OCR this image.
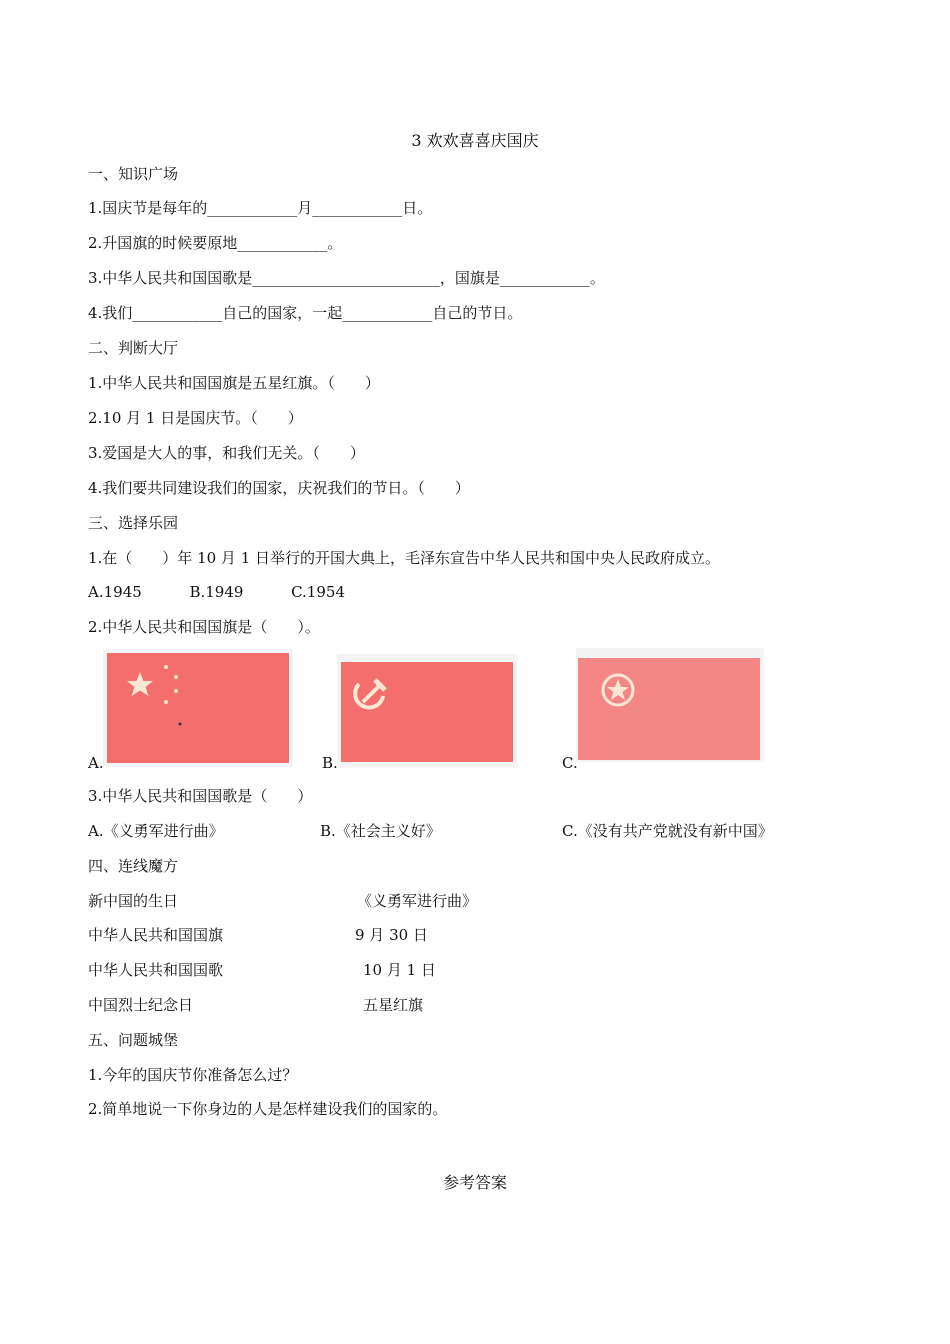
3 欢欢喜喜庆国庆
一、知识广场
1.国庆节是每年的____________月____________日。
2.升国旗的时候要原地____________。
3.中华人民共和国国歌是_________________________，国旗是____________。
4.我们____________自己的国家，一起____________自己的节日。
二、判断大厅
1.中华人民共和国国旗是五星红旗。（　　）
2.10 月 1 日是国庆节。（　　）
3.爱国是大人的事，和我们无关。（　　）
4.我们要共同建设我们的国家，庆祝我们的节日。（　　）
三、选择乐园
1.在（　　）年 10 月 1 日举行的开国大典上，毛泽东宣告中华人民共和国中央人民政府成立。
A.1945          B.1949          C.1954
2.中华人民共和国国旗是（　　）。
A.	B.	C.
3.中华人民共和国国歌是（　　）
A.《义勇军进行曲》	B.《社会主义好》	C.《没有共产党就没有新中国》
四、连线魔方
新中国的生日	《义勇军进行曲》
中华人民共和国国旗	9 月 30 日
中华人民共和国国歌	10 月 1 日
中国烈士纪念日	五星红旗
五、问题城堡
1.今年的国庆节你准备怎么过？
2.简单地说一下你身边的人是怎样建设我们的国家的。
参考答案
